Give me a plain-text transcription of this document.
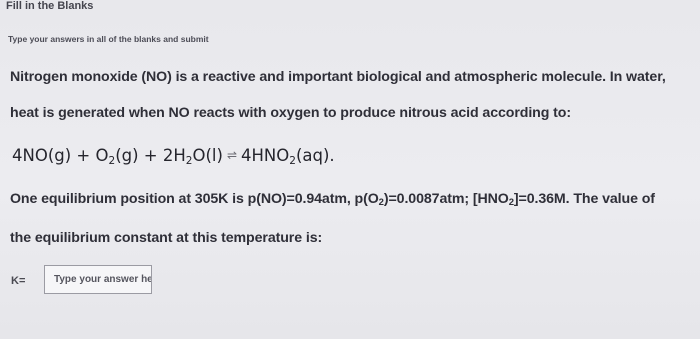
Fill in the Blanks
Type your answers in all of the blanks and submit
Nitrogen monoxide (NO) is a reactive and important biological and atmospheric molecule. In water,
heat is generated when NO reacts with oxygen to produce nitrous acid according to:
$4NO(g) + O_2(g) + 2H_2O(l)$ ⇌ $4HNO_2(aq)$.
One equilibrium position at 305K is p(NO)=0.94atm, $p(O_2)=0.0087atm$; $[HNO_2]=0.36M$. The value of
the equilibrium constant at this temperature is:
K=
Type your answer here
